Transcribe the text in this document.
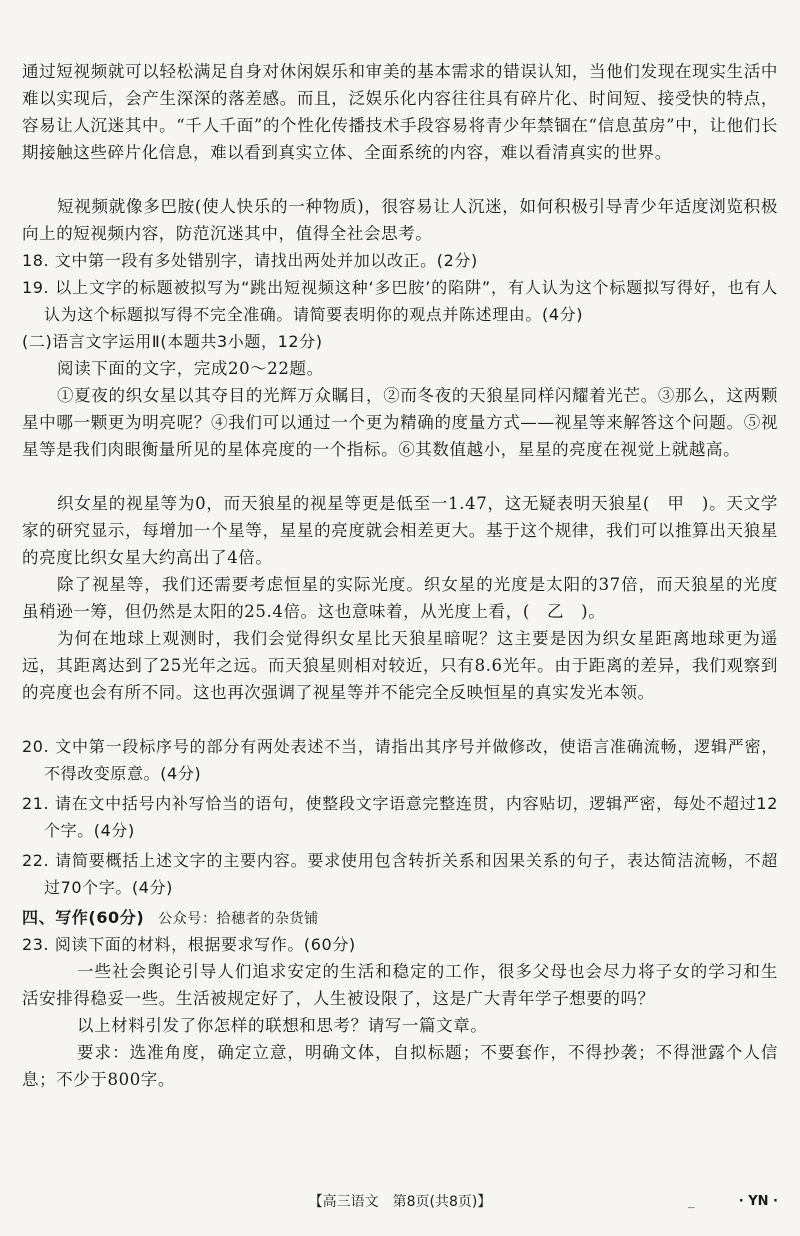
通过短视频就可以轻松满足自身对休闲娱乐和审美的基本需求的错误认知，当他们发现在现实生活中难以实现后，会产生深深的落差感。而且，泛娱乐化内容往往具有碎片化、时间短、接受快的特点，容易让人沉迷其中。“千人千面”的个性化传播技术手段容易将青少年禁锢在“信息茧房”中，让他们长期接触这些碎片化信息，难以看到真实立体、全面系统的内容，难以看清真实的世界。

短视频就像多巴胺(使人快乐的一种物质)，很容易让人沉迷，如何积极引导青少年适度浏览积极向上的短视频内容，防范沉迷其中，值得全社会思考。

18. 文中第一段有多处错别字，请找出两处并加以改正。(2分)

19. 以上文字的标题被拟写为“跳出短视频这种‘多巴胺’的陷阱”，有人认为这个标题拟写得好，也有人认为这个标题拟写得不完全准确。请简要表明你的观点并陈述理由。(4分)

(二)语言文字运用Ⅱ(本题共3小题，12分)

阅读下面的文字，完成20～22题。

①夏夜的织女星以其夺目的光辉万众瞩目，②而冬夜的天狼星同样闪耀着光芒。③那么，这两颗星中哪一颗更为明亮呢？④我们可以通过一个更为精确的度量方式——视星等来解答这个问题。⑤视星等是我们肉眼衡量所见的星体亮度的一个指标。⑥其数值越小，星星的亮度在视觉上就越高。

织女星的视星等为0，而天狼星的视星等更是低至一1.47，这无疑表明天狼星(　甲　)。天文学家的研究显示，每增加一个星等，星星的亮度就会相差更大。基于这个规律，我们可以推算出天狼星的亮度比织女星大约高出了4倍。

除了视星等，我们还需要考虑恒星的实际光度。织女星的光度是太阳的37倍，而天狼星的光度虽稍逊一筹，但仍然是太阳的25.4倍。这也意味着，从光度上看，(　乙　)。

为何在地球上观测时，我们会觉得织女星比天狼星暗呢？这主要是因为织女星距离地球更为遥远，其距离达到了25光年之远。而天狼星则相对较近，只有8.6光年。由于距离的差异，我们观察到的亮度也会有所不同。这也再次强调了视星等并不能完全反映恒星的真实发光本领。

20. 文中第一段标序号的部分有两处表述不当，请指出其序号并做修改，使语言准确流畅，逻辑严密，不得改变原意。(4分)

21. 请在文中括号内补写恰当的语句，使整段文字语意完整连贯，内容贴切，逻辑严密，每处不超过12个字。(4分)

22. 请简要概括上述文字的主要内容。要求使用包含转折关系和因果关系的句子，表达简洁流畅，不超过70个字。(4分)

四、写作(60分) 公众号：拾穗者的杂货铺

23. 阅读下面的材料，根据要求写作。(60分)

一些社会舆论引导人们追求安定的生活和稳定的工作，很多父母也会尽力将子女的学习和生活安排得稳妥一些。生活被规定好了，人生被设限了，这是广大青年学子想要的吗？

以上材料引发了你怎样的联想和思考？请写一篇文章。

要求：选准角度，确定立意，明确文体，自拟标题；不要套作，不得抄袭；不得泄露个人信息；不少于800字。

【高三语文　第8页(共8页)】	_	· YN ·
